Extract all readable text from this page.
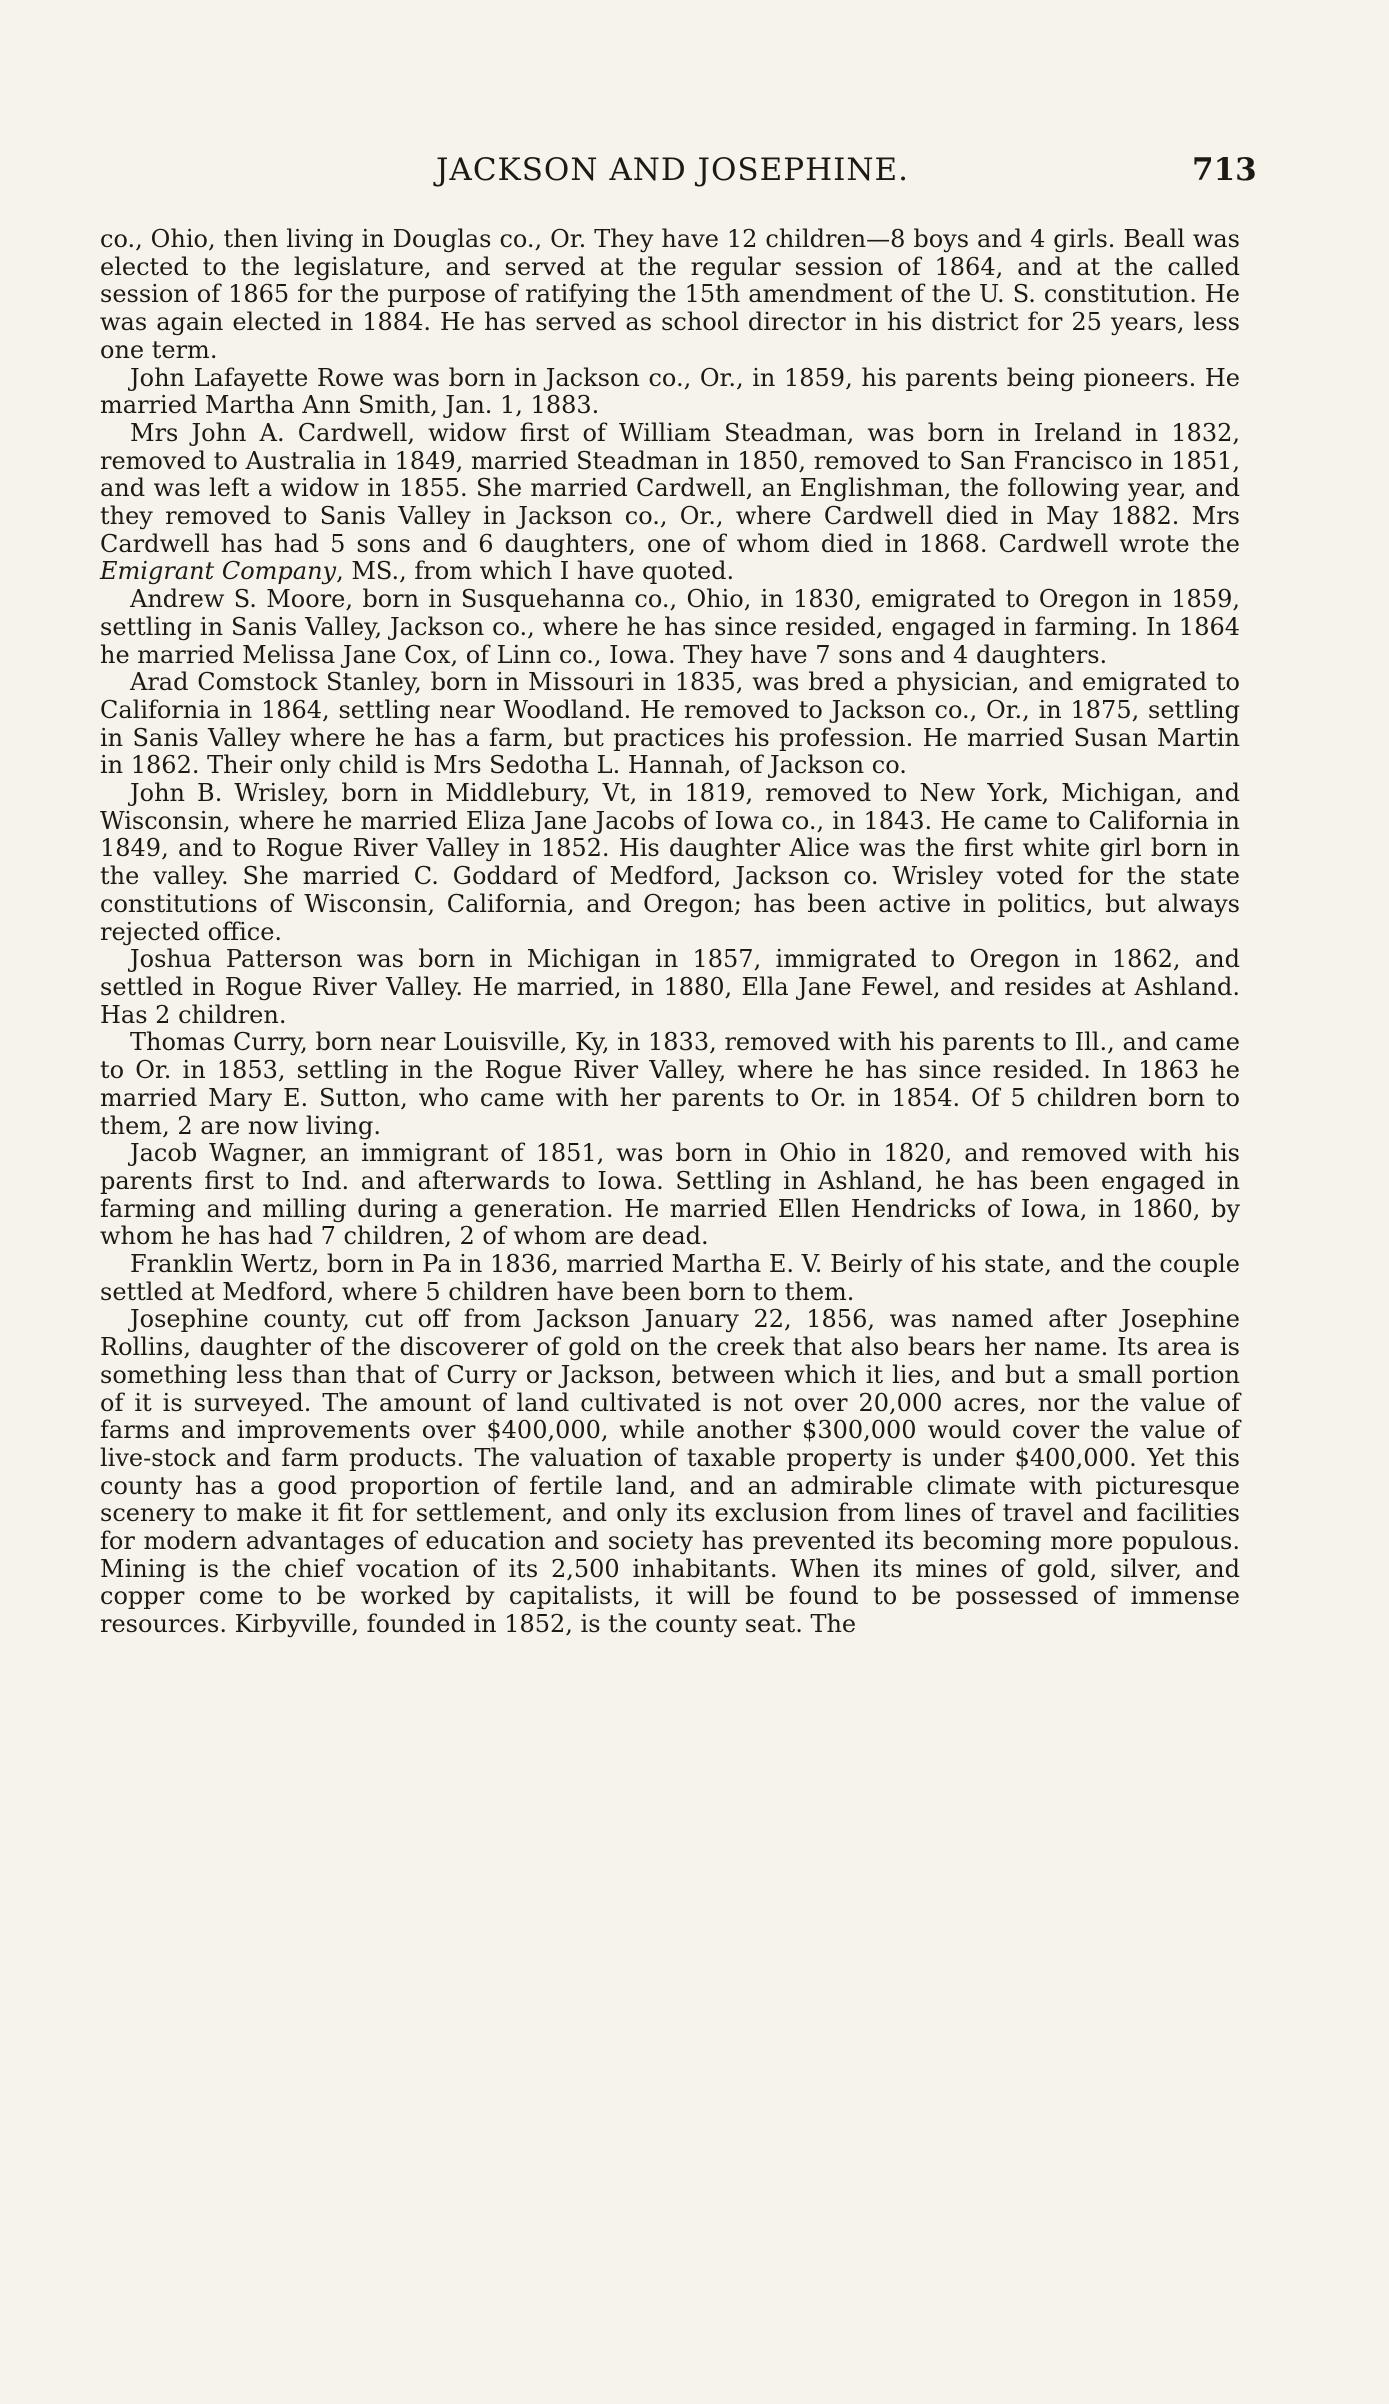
JACKSON AND JOSEPHINE.	713

co., Ohio, then living in Douglas co., Or. They have 12 children—8 boys and 4 girls. Beall was elected to the legislature, and served at the regular session of 1864, and at the called session of 1865 for the purpose of ratifying the 15th amendment of the U. S. constitution. He was again elected in 1884. He has served as school director in his district for 25 years, less one term.

John Lafayette Rowe was born in Jackson co., Or., in 1859, his parents being pioneers. He married Martha Ann Smith, Jan. 1, 1883.

Mrs John A. Cardwell, widow first of William Steadman, was born in Ireland in 1832, removed to Australia in 1849, married Steadman in 1850, removed to San Francisco in 1851, and was left a widow in 1855. She married Cardwell, an Englishman, the following year, and they removed to Sanis Valley in Jackson co., Or., where Cardwell died in May 1882. Mrs Cardwell has had 5 sons and 6 daughters, one of whom died in 1868. Cardwell wrote the Emigrant Company, MS., from which I have quoted.

Andrew S. Moore, born in Susquehanna co., Ohio, in 1830, emigrated to Oregon in 1859, settling in Sanis Valley, Jackson co., where he has since resided, engaged in farming. In 1864 he married Melissa Jane Cox, of Linn co., Iowa. They have 7 sons and 4 daughters.

Arad Comstock Stanley, born in Missouri in 1835, was bred a physician, and emigrated to California in 1864, settling near Woodland. He removed to Jackson co., Or., in 1875, settling in Sanis Valley where he has a farm, but practices his profession. He married Susan Martin in 1862. Their only child is Mrs Sedotha L. Hannah, of Jackson co.

John B. Wrisley, born in Middlebury, Vt, in 1819, removed to New York, Michigan, and Wisconsin, where he married Eliza Jane Jacobs of Iowa co., in 1843. He came to California in 1849, and to Rogue River Valley in 1852. His daughter Alice was the first white girl born in the valley. She married C. Goddard of Medford, Jackson co. Wrisley voted for the state constitutions of Wisconsin, California, and Oregon; has been active in politics, but always rejected office.

Joshua Patterson was born in Michigan in 1857, immigrated to Oregon in 1862, and settled in Rogue River Valley. He married, in 1880, Ella Jane Fewel, and resides at Ashland. Has 2 children.

Thomas Curry, born near Louisville, Ky, in 1833, removed with his parents to Ill., and came to Or. in 1853, settling in the Rogue River Valley, where he has since resided. In 1863 he married Mary E. Sutton, who came with her parents to Or. in 1854. Of 5 children born to them, 2 are now living.

Jacob Wagner, an immigrant of 1851, was born in Ohio in 1820, and removed with his parents first to Ind. and afterwards to Iowa. Settling in Ashland, he has been engaged in farming and milling during a generation. He married Ellen Hendricks of Iowa, in 1860, by whom he has had 7 children, 2 of whom are dead.

Franklin Wertz, born in Pa in 1836, married Martha E. V. Beirly of his state, and the couple settled at Medford, where 5 children have been born to them.

Josephine county, cut off from Jackson January 22, 1856, was named after Josephine Rollins, daughter of the discoverer of gold on the creek that also bears her name. Its area is something less than that of Curry or Jackson, between which it lies, and but a small portion of it is surveyed. The amount of land cultivated is not over 20,000 acres, nor the value of farms and improvements over $400,000, while another $300,000 would cover the value of live-stock and farm products. The valuation of taxable property is under $400,000. Yet this county has a good proportion of fertile land, and an admirable climate with picturesque scenery to make it fit for settlement, and only its exclusion from lines of travel and facilities for modern advantages of education and society has prevented its becoming more populous. Mining is the chief vocation of its 2,500 inhabitants. When its mines of gold, silver, and copper come to be worked by capitalists, it will be found to be possessed of immense resources. Kirbyville, founded in 1852, is the county seat. The
